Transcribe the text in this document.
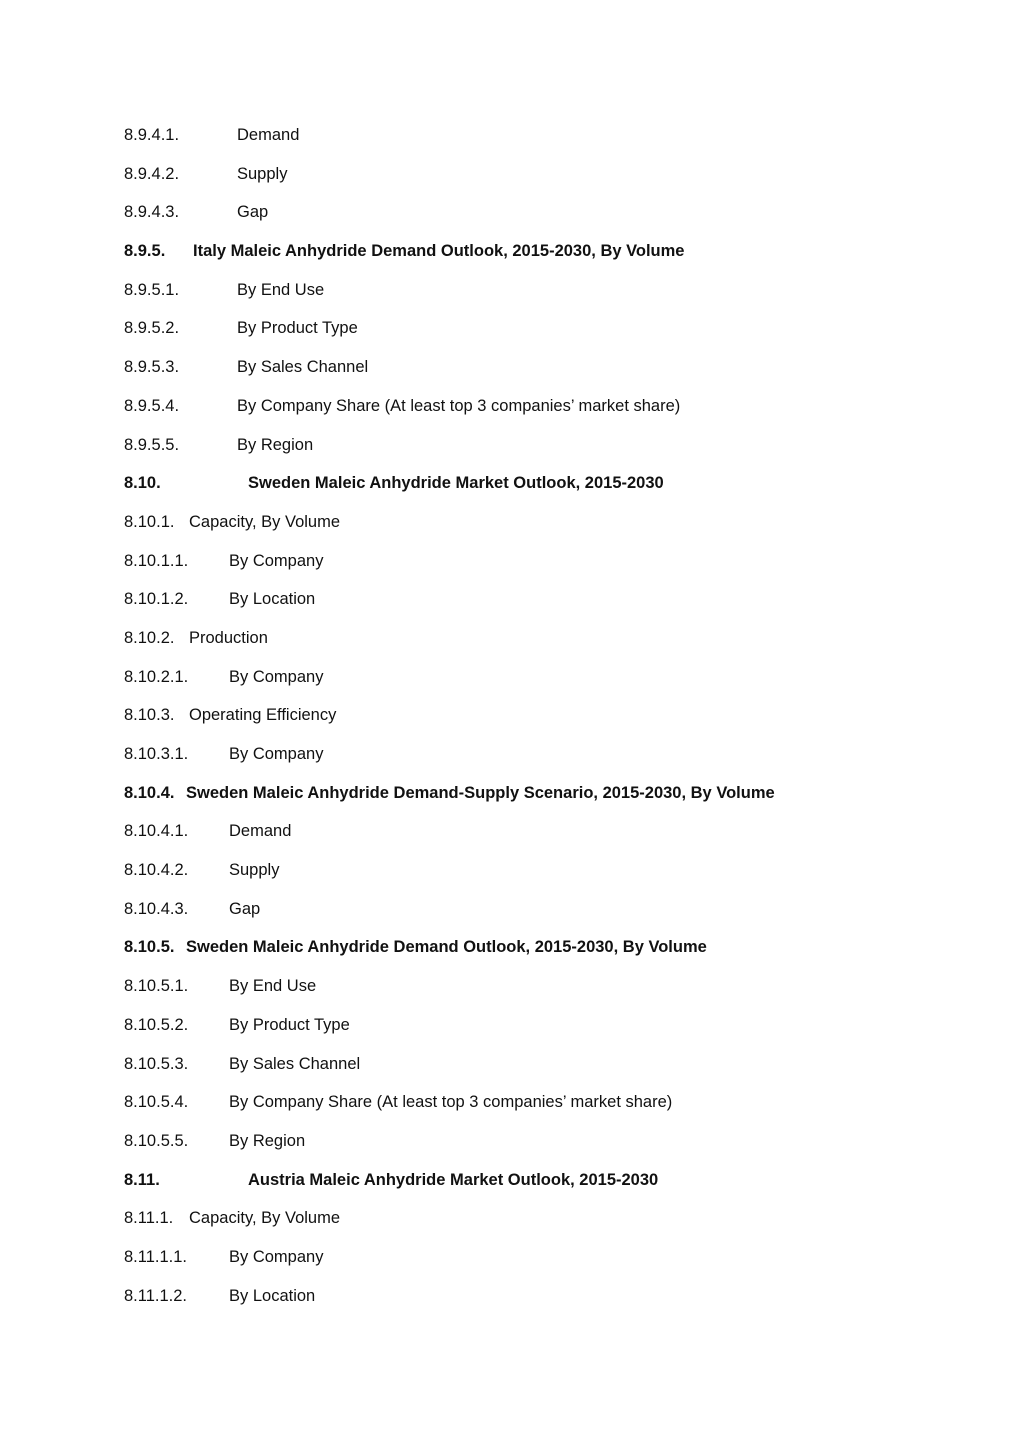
8.9.4.1.	Demand
8.9.4.2.	Supply
8.9.4.3.	Gap
8.9.5. Italy Maleic Anhydride Demand Outlook, 2015-2030, By Volume
8.9.5.1.	By End Use
8.9.5.2.	By Product Type
8.9.5.3.	By Sales Channel
8.9.5.4.	By Company Share (At least top 3 companies’ market share)
8.9.5.5.	By Region
8.10.	Sweden Maleic Anhydride Market Outlook, 2015-2030
8.10.1. Capacity, By Volume
8.10.1.1. By Company
8.10.1.2. By Location
8.10.2. Production
8.10.2.1. By Company
8.10.3. Operating Efficiency
8.10.3.1. By Company
8.10.4. Sweden Maleic Anhydride Demand-Supply Scenario, 2015-2030, By Volume
8.10.4.1. Demand
8.10.4.2. Supply
8.10.4.3. Gap
8.10.5. Sweden Maleic Anhydride Demand Outlook, 2015-2030, By Volume
8.10.5.1. By End Use
8.10.5.2. By Product Type
8.10.5.3. By Sales Channel
8.10.5.4. By Company Share (At least top 3 companies’ market share)
8.10.5.5. By Region
8.11.	Austria Maleic Anhydride Market Outlook, 2015-2030
8.11.1. Capacity, By Volume
8.11.1.1.	By Company
8.11.1.2.	By Location
